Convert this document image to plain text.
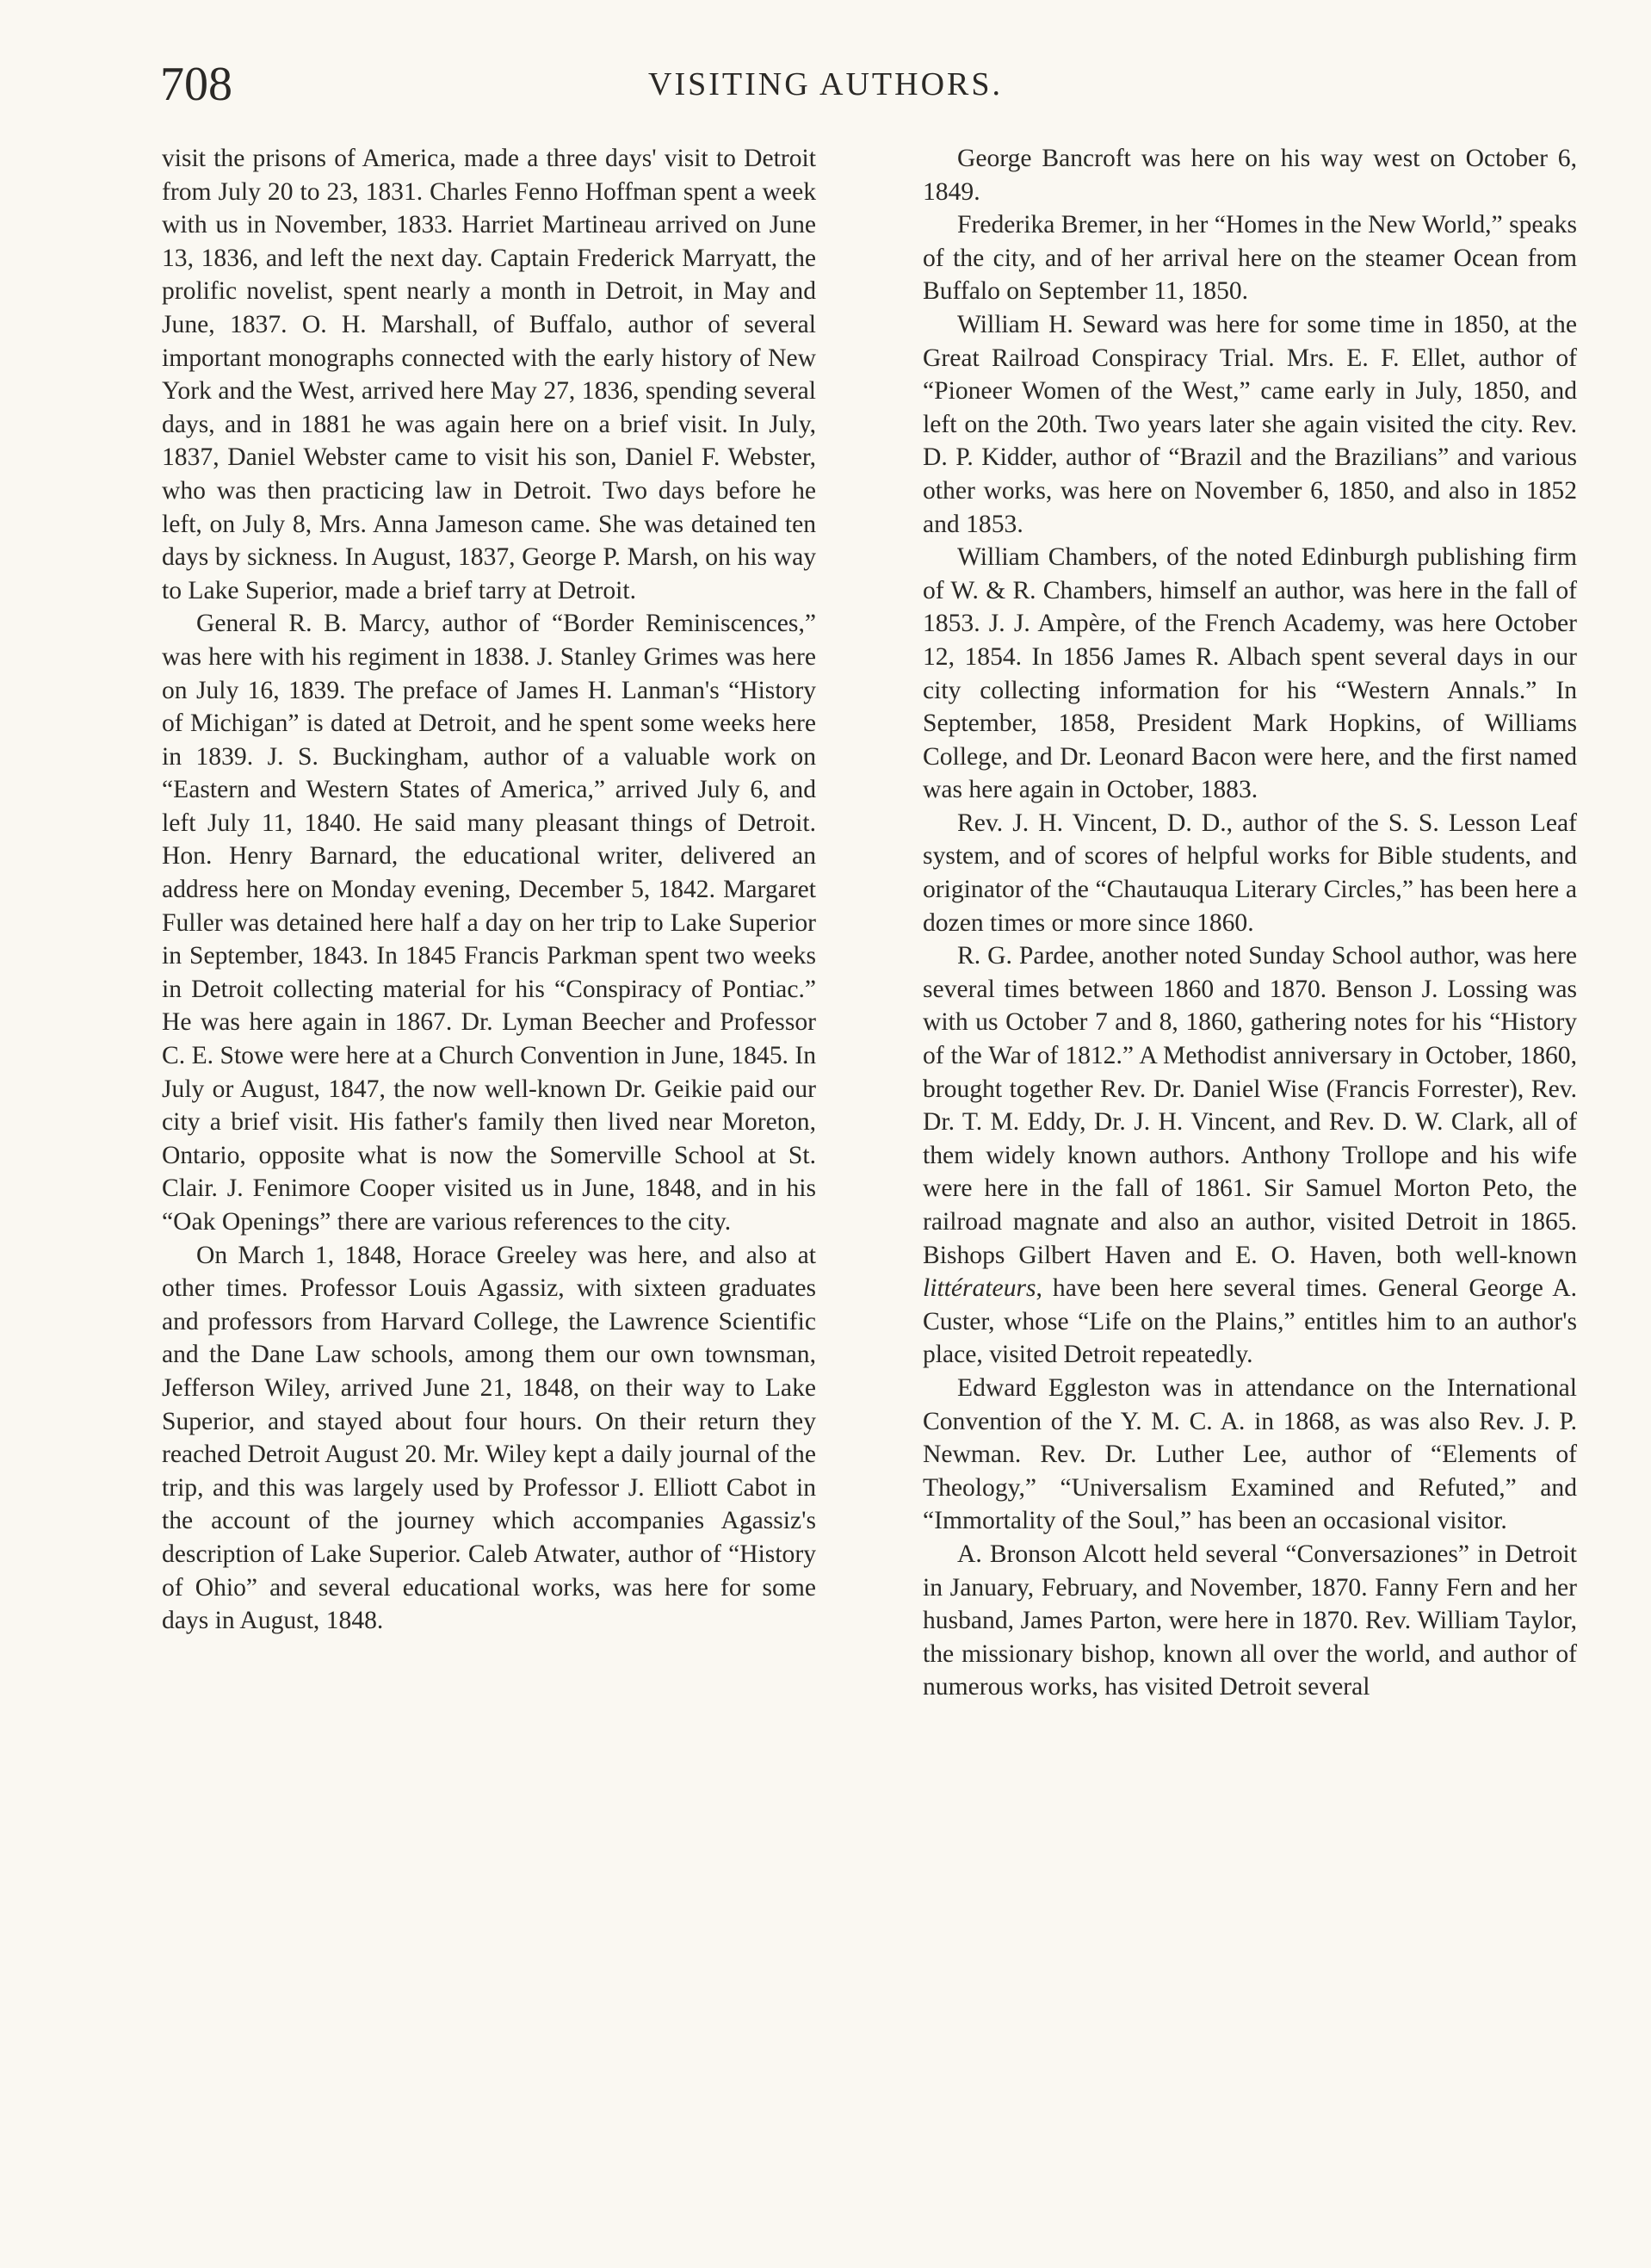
708	VISITING AUTHORS.

visit the prisons of America, made a three days' visit to Detroit from July 20 to 23, 1831. Charles Fenno Hoffman spent a week with us in November, 1833. Harriet Martineau arrived on June 13, 1836, and left the next day. Captain Frederick Marryatt, the prolific novelist, spent nearly a month in Detroit, in May and June, 1837. O. H. Marshall, of Buffalo, author of several important monographs connected with the early history of New York and the West, arrived here May 27, 1836, spending several days, and in 1881 he was again here on a brief visit. In July, 1837, Daniel Webster came to visit his son, Daniel F. Webster, who was then practicing law in Detroit. Two days before he left, on July 8, Mrs. Anna Jameson came. She was detained ten days by sickness. In August, 1837, George P. Marsh, on his way to Lake Superior, made a brief tarry at Detroit.

General R. B. Marcy, author of “Border Reminiscences,” was here with his regiment in 1838. J. Stanley Grimes was here on July 16, 1839. The preface of James H. Lanman's “History of Michigan” is dated at Detroit, and he spent some weeks here in 1839. J. S. Buckingham, author of a valuable work on “Eastern and Western States of America,” arrived July 6, and left July 11, 1840. He said many pleasant things of Detroit. Hon. Henry Barnard, the educational writer, delivered an address here on Monday evening, December 5, 1842. Margaret Fuller was detained here half a day on her trip to Lake Superior in September, 1843. In 1845 Francis Parkman spent two weeks in Detroit collecting material for his “Conspiracy of Pontiac.” He was here again in 1867. Dr. Lyman Beecher and Professor C. E. Stowe were here at a Church Convention in June, 1845. In July or August, 1847, the now well-known Dr. Geikie paid our city a brief visit. His father's family then lived near Moreton, Ontario, opposite what is now the Somerville School at St. Clair. J. Fenimore Cooper visited us in June, 1848, and in his “Oak Openings” there are various references to the city.

On March 1, 1848, Horace Greeley was here, and also at other times. Professor Louis Agassiz, with sixteen graduates and professors from Harvard College, the Lawrence Scientific and the Dane Law schools, among them our own townsman, Jefferson Wiley, arrived June 21, 1848, on their way to Lake Superior, and stayed about four hours. On their return they reached Detroit August 20. Mr. Wiley kept a daily journal of the trip, and this was largely used by Professor J. Elliott Cabot in the account of the journey which accompanies Agassiz's description of Lake Superior. Caleb Atwater, author of “History of Ohio” and several educational works, was here for some days in August, 1848.

George Bancroft was here on his way west on October 6, 1849.

Frederika Bremer, in her “Homes in the New World,” speaks of the city, and of her arrival here on the steamer Ocean from Buffalo on September 11, 1850.

William H. Seward was here for some time in 1850, at the Great Railroad Conspiracy Trial. Mrs. E. F. Ellet, author of “Pioneer Women of the West,” came early in July, 1850, and left on the 20th. Two years later she again visited the city. Rev. D. P. Kidder, author of “Brazil and the Brazilians” and various other works, was here on November 6, 1850, and also in 1852 and 1853.

William Chambers, of the noted Edinburgh publishing firm of W. & R. Chambers, himself an author, was here in the fall of 1853. J. J. Ampère, of the French Academy, was here October 12, 1854. In 1856 James R. Albach spent several days in our city collecting information for his “Western Annals.” In September, 1858, President Mark Hopkins, of Williams College, and Dr. Leonard Bacon were here, and the first named was here again in October, 1883.

Rev. J. H. Vincent, D. D., author of the S. S. Lesson Leaf system, and of scores of helpful works for Bible students, and originator of the “Chautauqua Literary Circles,” has been here a dozen times or more since 1860.

R. G. Pardee, another noted Sunday School author, was here several times between 1860 and 1870. Benson J. Lossing was with us October 7 and 8, 1860, gathering notes for his “History of the War of 1812.” A Methodist anniversary in October, 1860, brought together Rev. Dr. Daniel Wise (Francis Forrester), Rev. Dr. T. M. Eddy, Dr. J. H. Vincent, and Rev. D. W. Clark, all of them widely known authors. Anthony Trollope and his wife were here in the fall of 1861. Sir Samuel Morton Peto, the railroad magnate and also an author, visited Detroit in 1865. Bishops Gilbert Haven and E. O. Haven, both well-known littérateurs, have been here several times. General George A. Custer, whose “Life on the Plains,” entitles him to an author's place, visited Detroit repeatedly.

Edward Eggleston was in attendance on the International Convention of the Y. M. C. A. in 1868, as was also Rev. J. P. Newman. Rev. Dr. Luther Lee, author of “Elements of Theology,” “Universalism Examined and Refuted,” and “Immortality of the Soul,” has been an occasional visitor.

A. Bronson Alcott held several “Conversaziones” in Detroit in January, February, and November, 1870. Fanny Fern and her husband, James Parton, were here in 1870. Rev. William Taylor, the missionary bishop, known all over the world, and author of numerous works, has visited Detroit several
